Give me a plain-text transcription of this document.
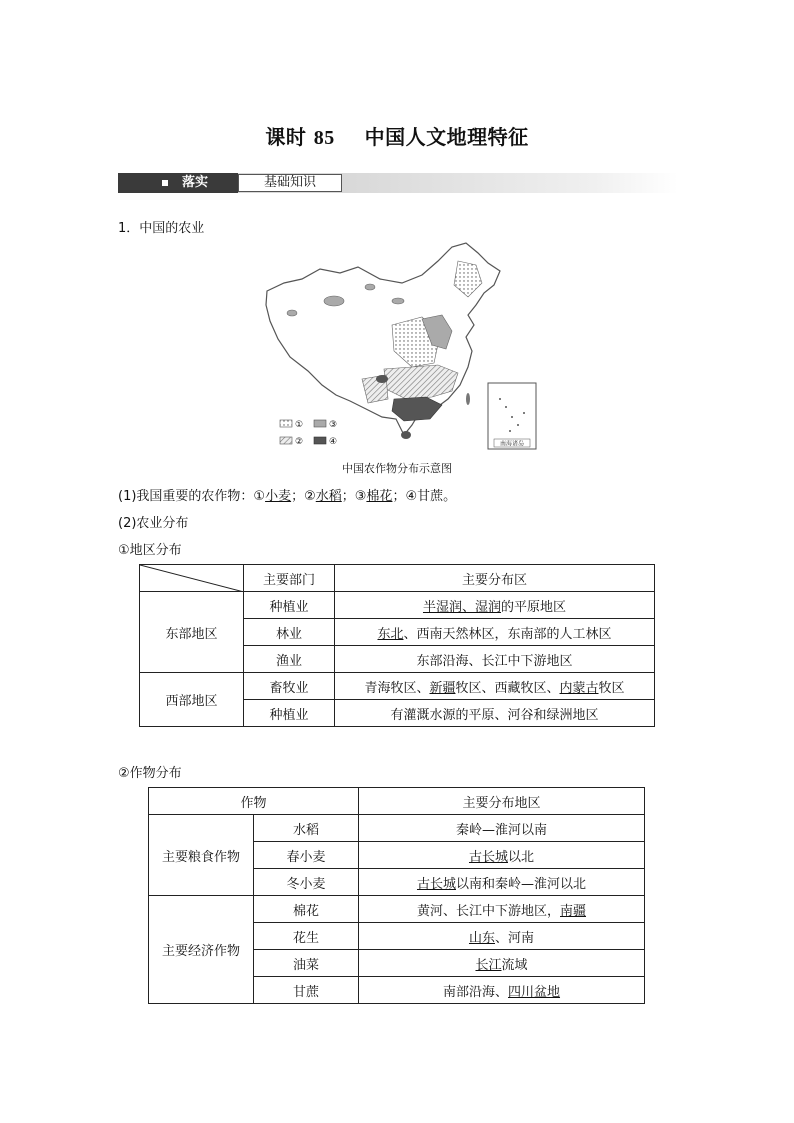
课时 85 中国人文地理特征
落实	基础知识
1．中国的农业
①	③
②	④	南海诸岛
中国农作物分布示意图
(1)我国重要的农作物：①小麦；②水稻；③棉花；④甘蔗。
(2)农业分布
①地区分布
	主要部门	主要分布区
东部地区	种植业	半湿润、湿润的平原地区
	林业	东北、西南天然林区，东南部的人工林区
	渔业	东部沿海、长江中下游地区
西部地区	畜牧业	青海牧区、新疆牧区、西藏牧区、内蒙古牧区
	种植业	有灌溉水源的平原、河谷和绿洲地区
②作物分布
作物		主要分布地区
主要粮食作物	水稻	秦岭—淮河以南
	春小麦	古长城以北
	冬小麦	古长城以南和秦岭—淮河以北
主要经济作物	棉花	黄河、长江中下游地区，南疆
	花生	山东、河南
	油菜	长江流域
	甘蔗	南部沿海、四川盆地
